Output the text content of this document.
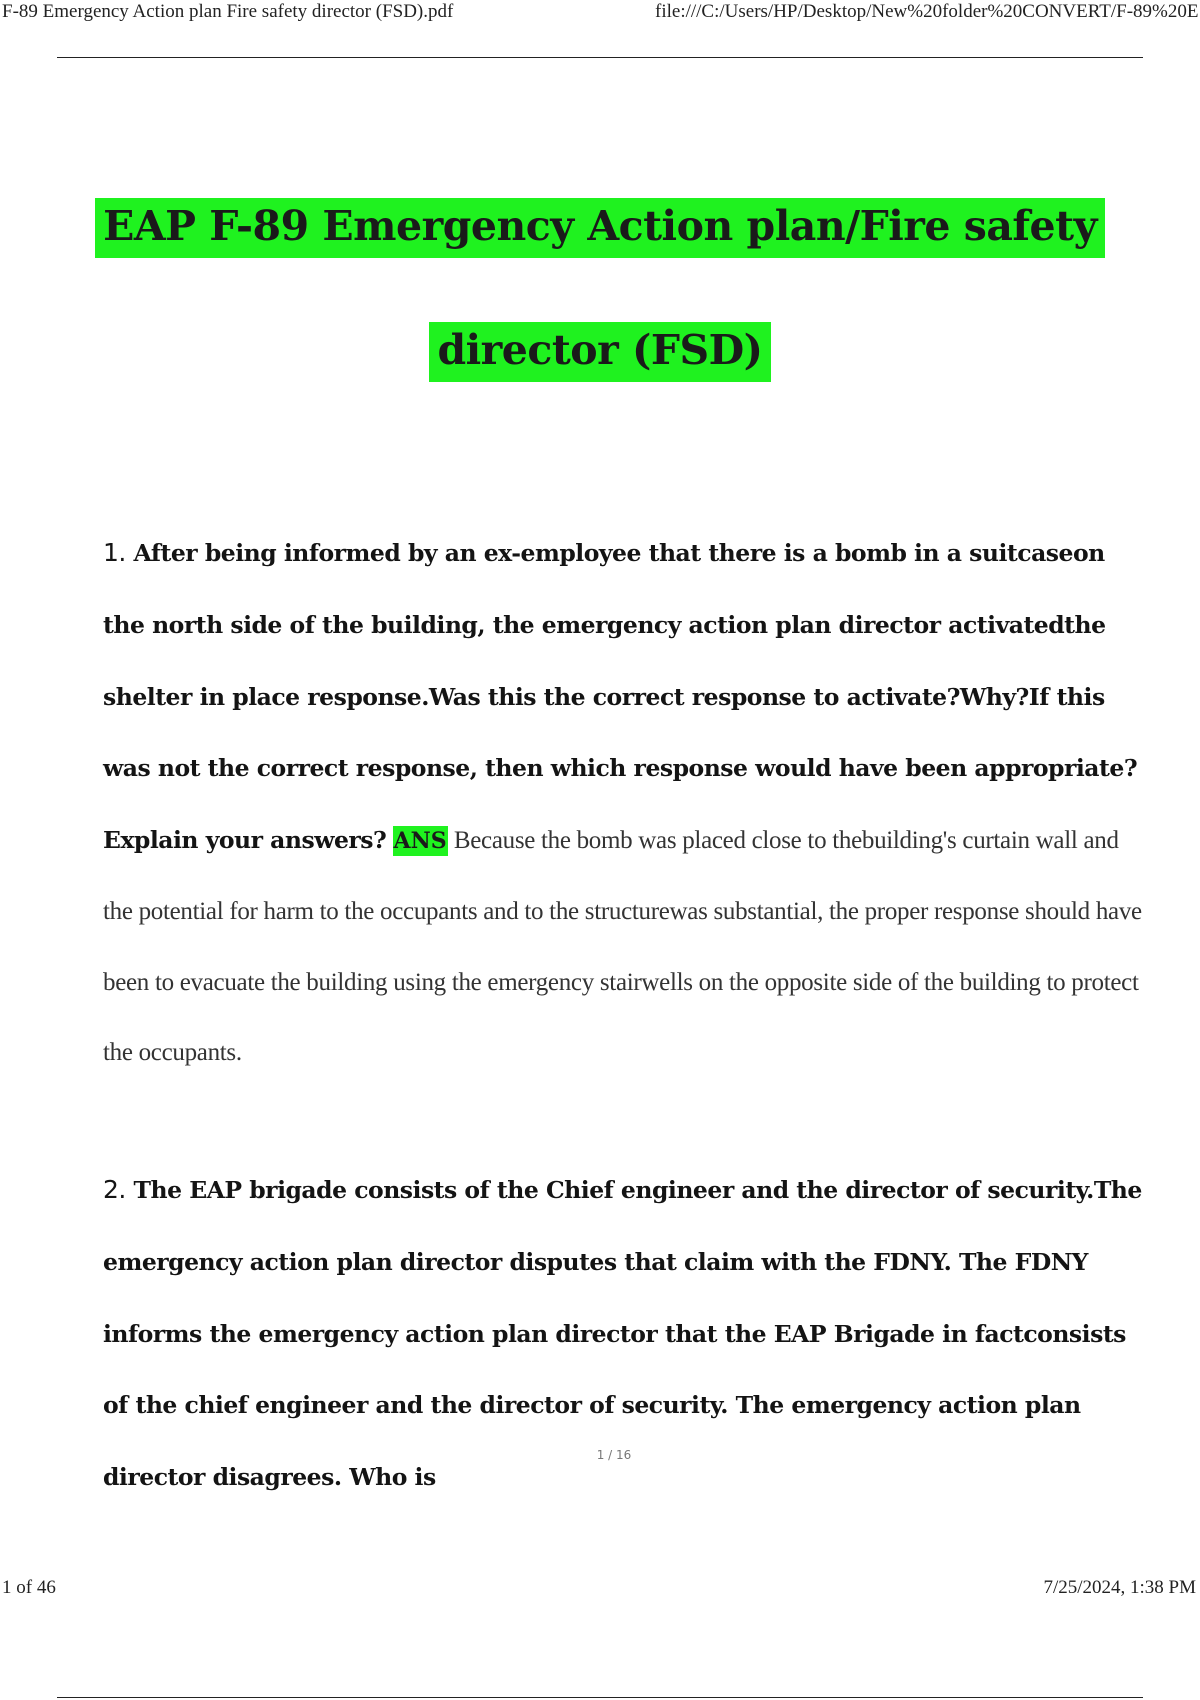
F-89 Emergency Action plan Fire safety director (FSD).pdf	file:///C:/Users/HP/Desktop/New%20folder%20CONVERT/F-89%20E
EAP F-89 Emergency Action plan/Fire safety
director (FSD)
1. After being informed by an ex-employee that there is a bomb in a suitcaseon the north side of the building, the emergency action plan director activatedthe shelter in place response.Was this the correct response to activate?Why?If this was not the correct response, then which response would have been appropriate? Explain your answers? ANS Because the bomb was placed close to thebuilding's curtain wall and the potential for harm to the occupants and to the structurewas substantial, the proper response should have been to evacuate the building using the emergency stairwells on the opposite side of the building to protect the occupants.
2. The EAP brigade consists of the Chief engineer and the director of security.The emergency action plan director disputes that claim with the FDNY. The FDNY informs the emergency action plan director that the EAP Brigade in factconsists of the chief engineer and the director of security. The emergency action plan director disagrees. Who is
1 / 16
1 of 46	7/25/2024, 1:38 PM
